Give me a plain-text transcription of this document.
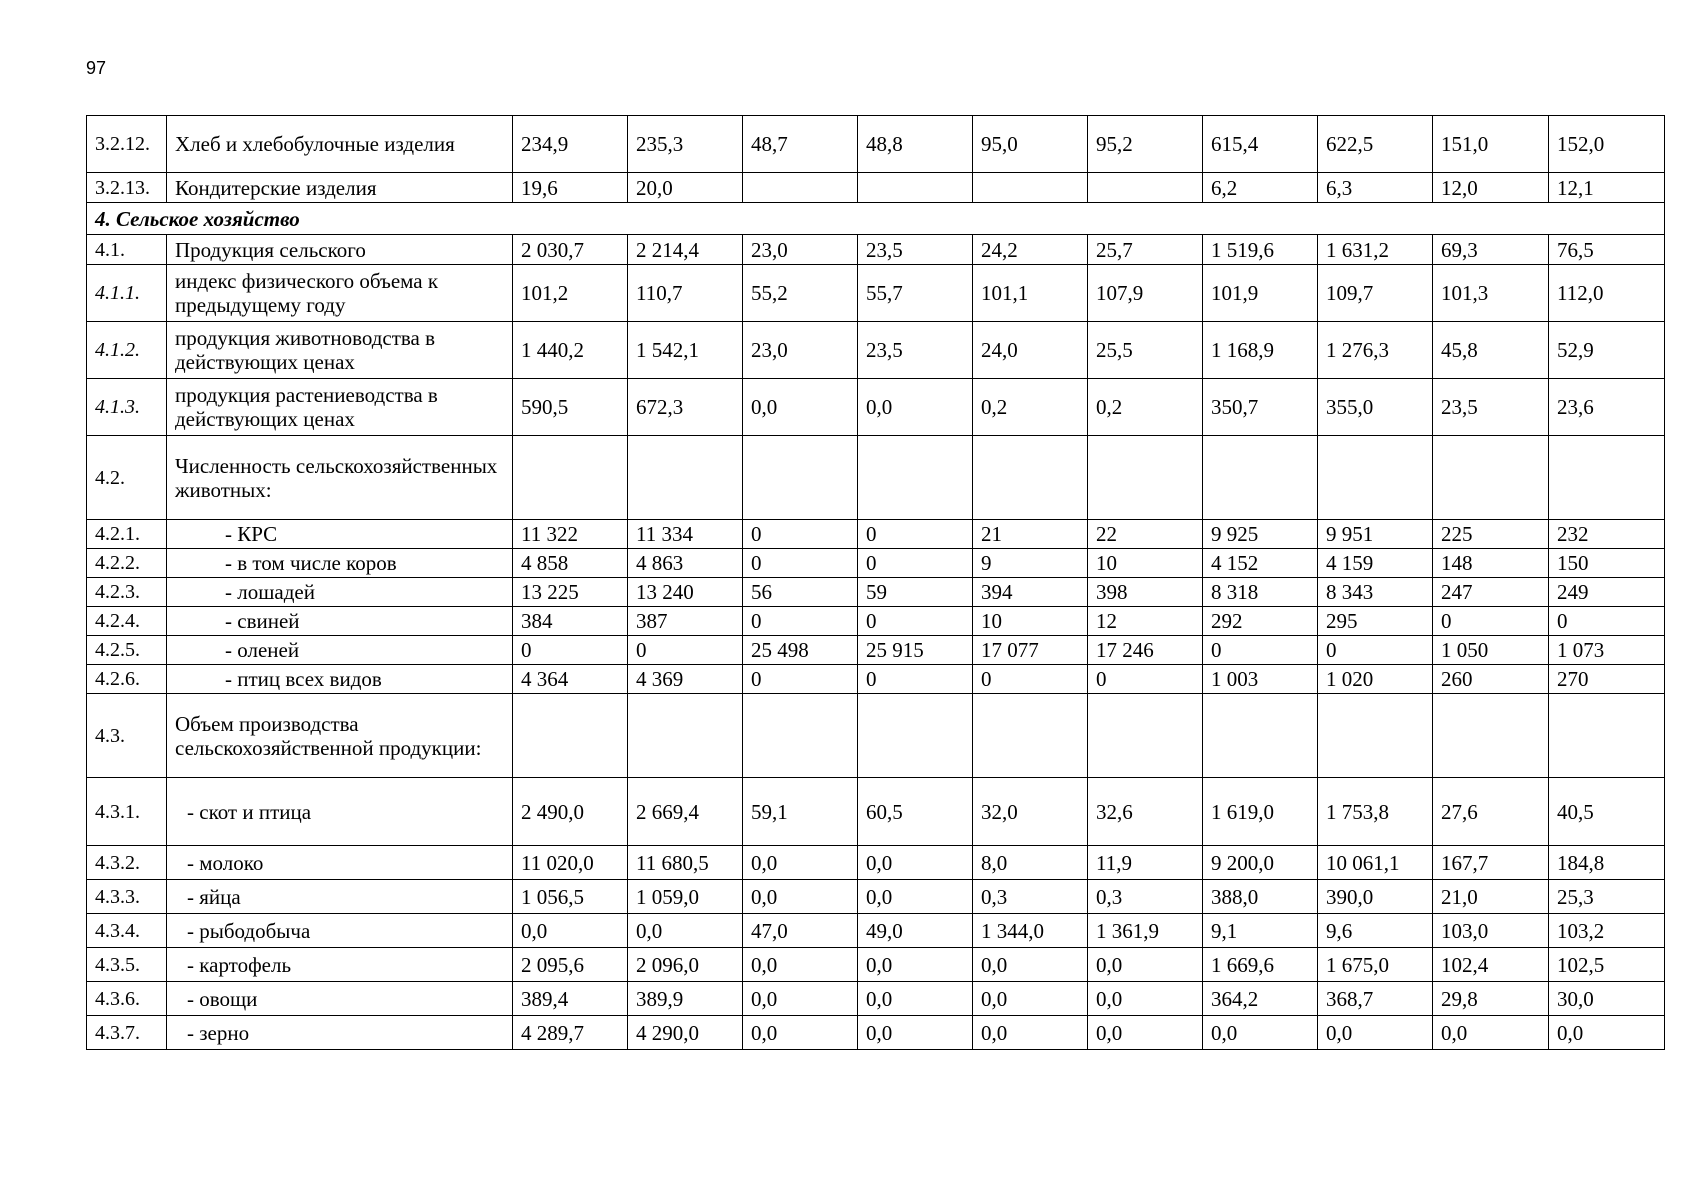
97
3.2.12.	Хлеб и хлебобулочные изделия	234,9	235,3	48,7	48,8	95,0	95,2	615,4	622,5	151,0	152,0
3.2.13.	Кондитерские изделия	19,6	20,0					6,2	6,3	12,0	12,1
4. Сельское хозяйство											
4.1.	Продукция сельского	2 030,7	2 214,4	23,0	23,5	24,2	25,7	1 519,6	1 631,2	69,3	76,5
4.1.1.	индекс физического объема к предыдущему году	101,2	110,7	55,2	55,7	101,1	107,9	101,9	109,7	101,3	112,0
4.1.2.	продукция животноводства в действующих ценах	1 440,2	1 542,1	23,0	23,5	24,0	25,5	1 168,9	1 276,3	45,8	52,9
4.1.3.	продукция растениеводства в действующих ценах	590,5	672,3	0,0	0,0	0,2	0,2	350,7	355,0	23,5	23,6
4.2.	Численность сельскохозяйственных животных:										
4.2.1.	- КРС	11 322	11 334	0	0	21	22	9 925	9 951	225	232
4.2.2.	- в том числе коров	4 858	4 863	0	0	9	10	4 152	4 159	148	150
4.2.3.	- лошадей	13 225	13 240	56	59	394	398	8 318	8 343	247	249
4.2.4.	- свиней	384	387	0	0	10	12	292	295	0	0
4.2.5.	- оленей	0	0	25 498	25 915	17 077	17 246	0	0	1 050	1 073
4.2.6.	- птиц всех видов	4 364	4 369	0	0	0	0	1 003	1 020	260	270
4.3.	Объем производства сельскохозяйственной продукции:										
4.3.1.	- скот и птица	2 490,0	2 669,4	59,1	60,5	32,0	32,6	1 619,0	1 753,8	27,6	40,5
4.3.2.	- молоко	11 020,0	11 680,5	0,0	0,0	8,0	11,9	9 200,0	10 061,1	167,7	184,8
4.3.3.	- яйца	1 056,5	1 059,0	0,0	0,0	0,3	0,3	388,0	390,0	21,0	25,3
4.3.4.	- рыбодобыча	0,0	0,0	47,0	49,0	1 344,0	1 361,9	9,1	9,6	103,0	103,2
4.3.5.	- картофель	2 095,6	2 096,0	0,0	0,0	0,0	0,0	1 669,6	1 675,0	102,4	102,5
4.3.6.	- овощи	389,4	389,9	0,0	0,0	0,0	0,0	364,2	368,7	29,8	30,0
4.3.7.	- зерно	4 289,7	4 290,0	0,0	0,0	0,0	0,0	0,0	0,0	0,0	0,0
